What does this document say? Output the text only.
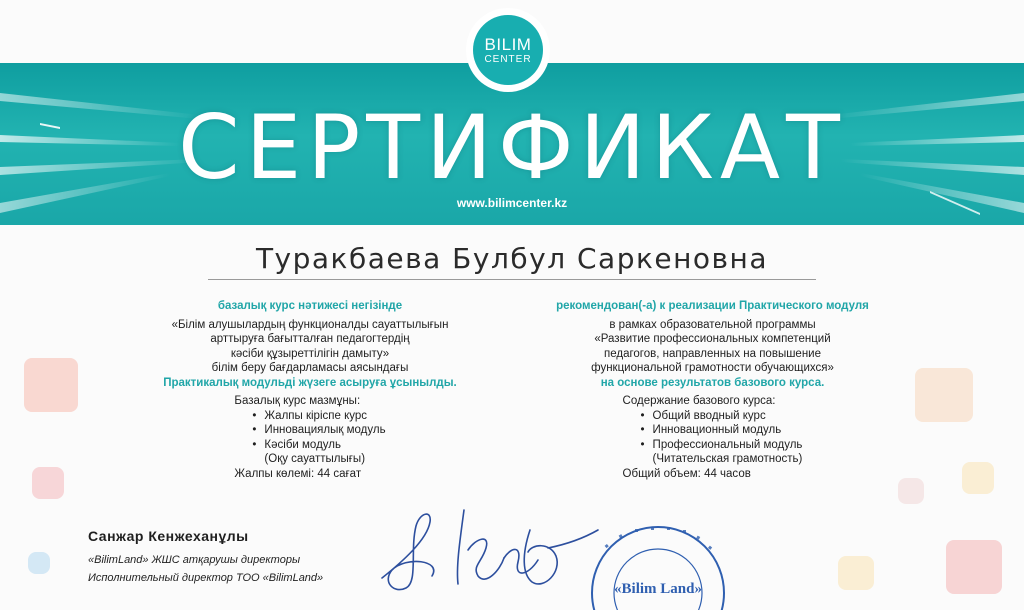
BILIM
CENTER
СЕРТИФИКАТ
www.bilimcenter.kz
Туракбаева Булбул Саркеновна
базалық курс нәтижесі негізінде
«Білім алушылардың функционалды сауаттылығын
арттыруға бағытталған педагогтердің
кәсіби құзыреттілігін дамыту»
білім беру бағдарламасы аясындағы
Практикалық модульді жүзеге асыруға ұсынылды.
Базалық курс мазмұны:
• Жалпы кіріспе курс
• Инновациялық модуль
• Кәсіби модуль
(Оқу сауаттылығы)
Жалпы көлемі: 44 сағат
рекомендован(-а) к реализации Практического модуля
в рамках образовательной программы
«Развитие профессиональных компетенций
педагогов, направленных на повышение
функциональной грамотности обучающихся»
на основе результатов базового курса.
Содержание базового курса:
• Общий вводный курс
• Инновационный модуль
• Профессиональный модуль
(Читательская грамотность)
Общий объем: 44 часов
Санжар Кенжеханұлы
«BilimLand» ЖШС атқарушы директоры
Исполнительный директор ТОО «BilimLand»
«Bilim Land»
